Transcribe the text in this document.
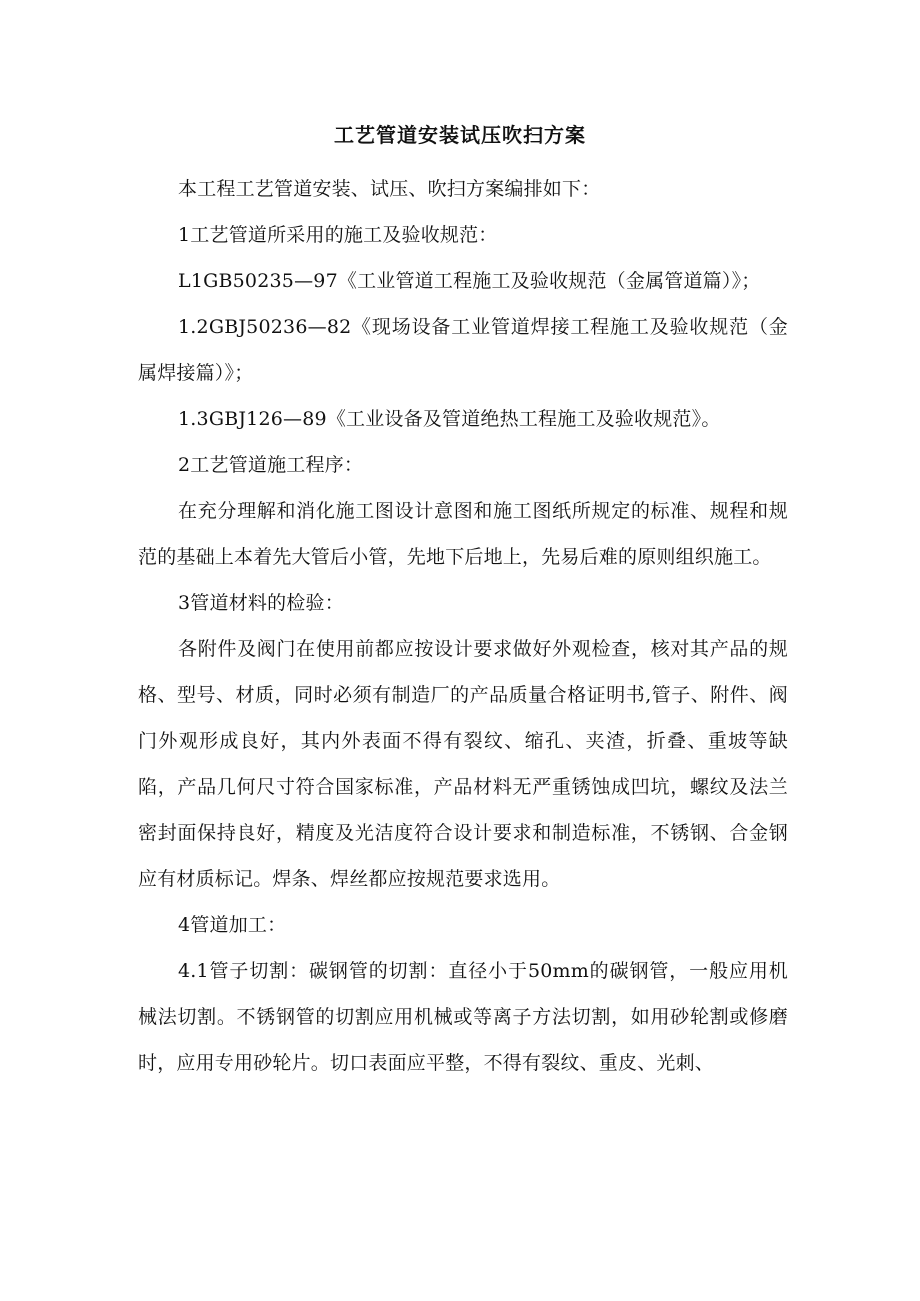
工艺管道安装试压吹扫方案

本工程工艺管道安装、试压、吹扫方案编排如下：

1工艺管道所采用的施工及验收规范：

L1GB50235—97《工业管道工程施工及验收规范（金属管道篇）》；

1.2GBJ50236—82《现场设备工业管道焊接工程施工及验收规范（金属焊接篇）》；

1.3GBJ126—89《工业设备及管道绝热工程施工及验收规范》。

2工艺管道施工程序：

在充分理解和消化施工图设计意图和施工图纸所规定的标准、规程和规范的基础上本着先大管后小管，先地下后地上，先易后难的原则组织施工。

3管道材料的检验：

各附件及阀门在使用前都应按设计要求做好外观检查，核对其产品的规格、型号、材质，同时必须有制造厂的产品质量合格证明书,管子、附件、阀门外观形成良好，其内外表面不得有裂纹、缩孔、夹渣，折叠、重坡等缺陷，产品几何尺寸符合国家标准，产品材料无严重锈蚀成凹坑，螺纹及法兰密封面保持良好，精度及光洁度符合设计要求和制造标准，不锈钢、合金钢应有材质标记。焊条、焊丝都应按规范要求选用。

4管道加工：

4.1管子切割：碳钢管的切割：直径小于50mm的碳钢管，一般应用机械法切割。不锈钢管的切割应用机械或等离子方法切割，如用砂轮割或修磨时，应用专用砂轮片。切口表面应平整，不得有裂纹、重皮、光刺、
